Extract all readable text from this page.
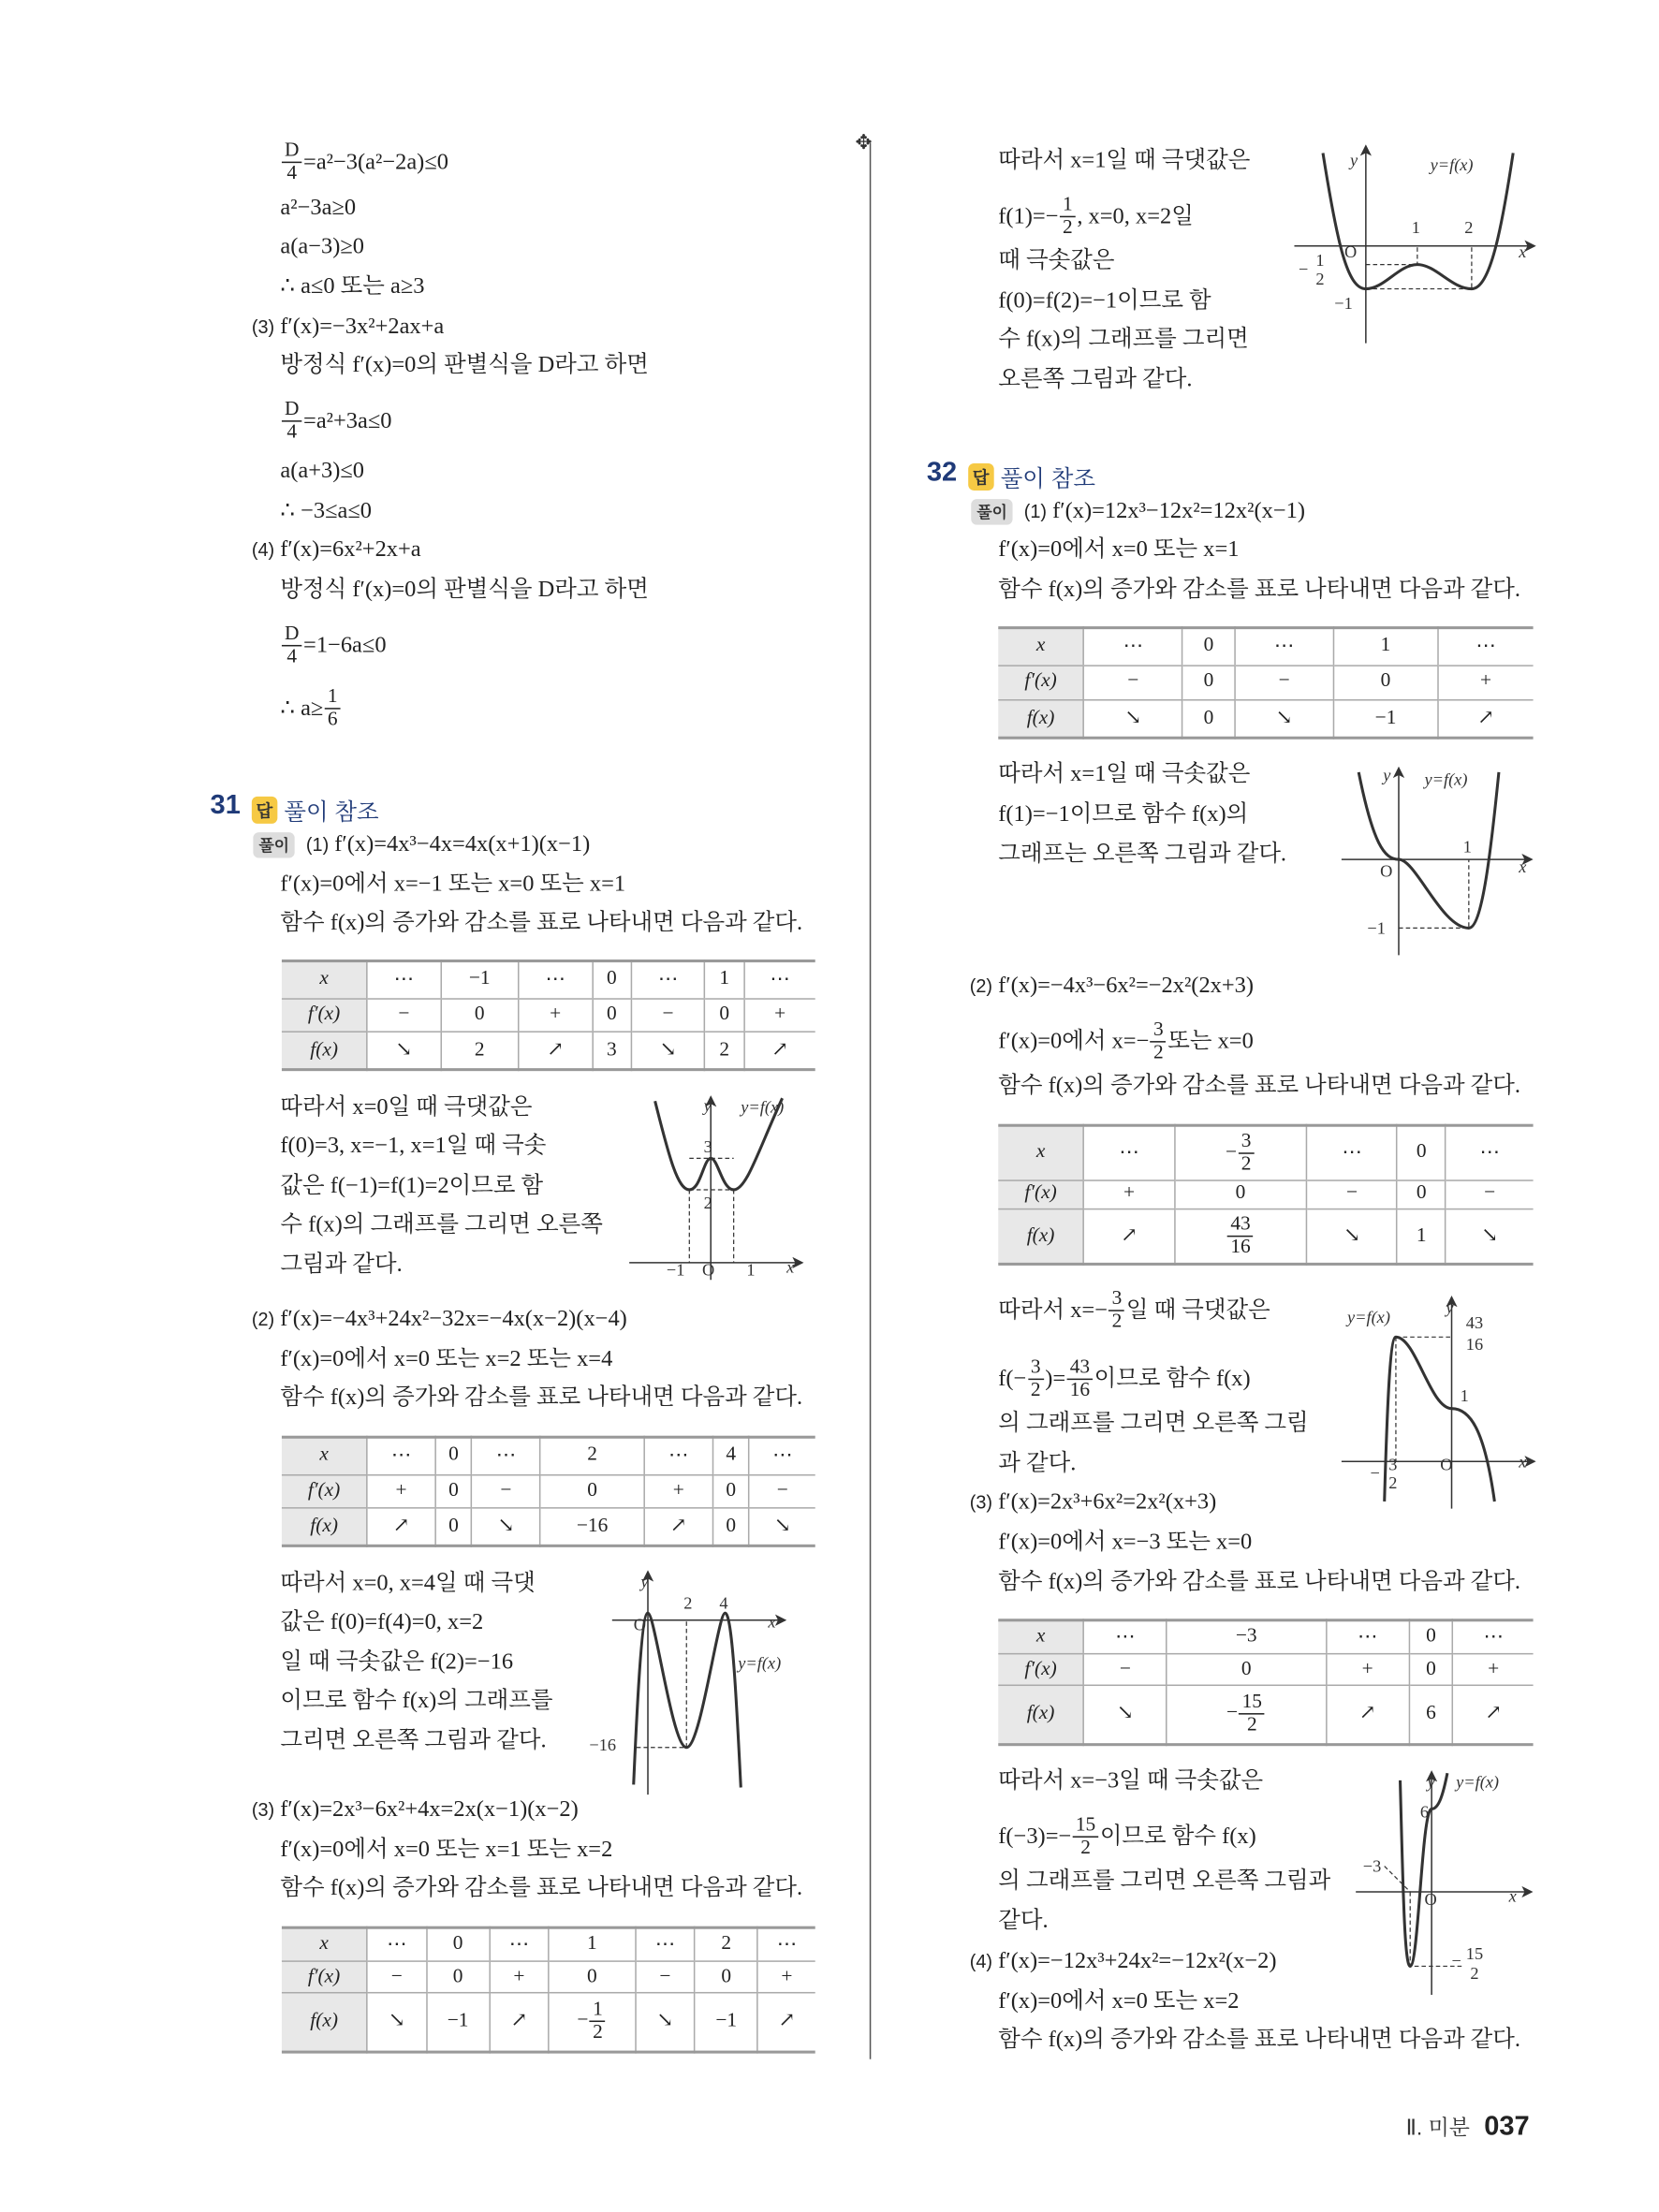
✥
$\frac{D}{4} =a^2-3(a^2-2a)\le 0$
a²−3a≥0
a(a−3)≥0
∴ a≤0 또는 a≥3
(3) f′(x)=−3x²+2ax+a
방정식 f′(x)=0의 판별식을 D라고 하면
$\frac{D}{4} =a^2+3a\le 0$
a(a+3)≤0
∴ −3≤a≤0
(4) f′(x)=6x²+2x+a
방정식 f′(x)=0의 판별식을 D라고 하면
$\frac{D}{4} =1-6a\le 0$
∴ $a\ge \frac{1}{6}$
31	답 풀이 참조
풀이	(1) f′(x)=4x³−4x=4x(x+1)(x−1)
f′(x)=0에서 x=−1 또는 x=0 또는 x=1
함수 f(x)의 증가와 감소를 표로 나타내면 다음과 같다.
x	⋯	−1	⋯	0	⋯	1	⋯
f′(x)	−	0	+	0	−	0	+
f(x)	↘	2	↗	3	↘	2	↗
따라서 x=0일 때 극댓값은
f(0)=3, x=−1, x=1일 때 극솟
값은 f(−1)=f(1)=2이므로 함
수 f(x)의 그래프를 그리면 오른쪽
그림과 같다.
(2) f′(x)=−4x³+24x²−32x=−4x(x−2)(x−4)
f′(x)=0에서 x=0 또는 x=2 또는 x=4
함수 f(x)의 증가와 감소를 표로 나타내면 다음과 같다.
x	⋯	0	⋯	2	⋯	4	⋯
f′(x)	+	0	−	0	+	0	−
f(x)	↗	0	↘	−16	↗	0	↘
따라서 x=0, x=4일 때 극댓
값은 f(0)=f(4)=0, x=2
일 때 극솟값은 f(2)=−16
이므로 함수 f(x)의 그래프를
그리면 오른쪽 그림과 같다.
(3) f′(x)=2x³−6x²+4x=2x(x−1)(x−2)
f′(x)=0에서 x=0 또는 x=1 또는 x=2
함수 f(x)의 증가와 감소를 표로 나타내면 다음과 같다.
x	⋯	0	⋯	1	⋯	2	⋯
f′(x)	−	0	+	0	−	0	+
f(x)	↘	−1	↗	− $\frac{1}{2}$	↘	−1	↗
따라서 x=1일 때 극댓값은
$f(1)=- \frac{1}{2}$ , x=0, x=2일
때 극솟값은
f(0)=f(2)=−1이므로 함
수 f(x)의 그래프를 그리면
오른쪽 그림과 같다.
32	답 풀이 참조
풀이	(1) f′(x)=12x³−12x²=12x²(x−1)
f′(x)=0에서 x=0 또는 x=1
함수 f(x)의 증가와 감소를 표로 나타내면 다음과 같다.
x	⋯	0	⋯	1	⋯
f′(x)	−	0	−	0	+
f(x)	↘	0	↘	−1	↗
따라서 x=1일 때 극솟값은
f(1)=−1이므로 함수 f(x)의
그래프는 오른쪽 그림과 같다.
(2) f′(x)=−4x³−6x²=−2x²(2x+3)
f′(x)=0에서 $x=- \frac{3}{2}$ 또는 x=0
함수 f(x)의 증가와 감소를 표로 나타내면 다음과 같다.
x	⋯	− $\frac{3}{2}$	⋯	0	⋯
f′(x)	+	0	−	0	−
f(x)	↗	$\frac{43}{16}$	↘	1	↘
따라서 $x=- \frac{3}{2}$ 일 때 극댓값은
$f(- \frac{3}{2}$ )= $\frac{43}{16}$ 이므로 함수 f(x)
의 그래프를 그리면 오른쪽 그림
과 같다.
(3) f′(x)=2x³+6x²=2x²(x+3)
f′(x)=0에서 x=−3 또는 x=0
함수 f(x)의 증가와 감소를 표로 나타내면 다음과 같다.
x	⋯	−3	⋯	0	⋯
f′(x)	−	0	+	0	+
f(x)	↘	− $\frac{15}{2}$	↗	6	↗
따라서 x=−3일 때 극솟값은
$f(-3)=- \frac{15}{2}$ 이므로 함수 f(x)
의 그래프를 그리면 오른쪽 그림과
같다.
(4) f′(x)=−12x³+24x²=−12x²(x−2)
f′(x)=0에서 x=0 또는 x=2
함수 f(x)의 증가와 감소를 표로 나타내면 다음과 같다.
Ⅱ. 미분 037
y	y=f(x)
3
2
−1 O	1	x
y
2 4
O	x
y=f(x)
−16
y	y=f(x)
1	2
O	x
− 1
2
−1
y	y=f(x)
O
1
x
−1
y
y=f(x)	43
16
1
O	x
− 3
2
y y=f(x)
6
−3
O	x
− 15
2
